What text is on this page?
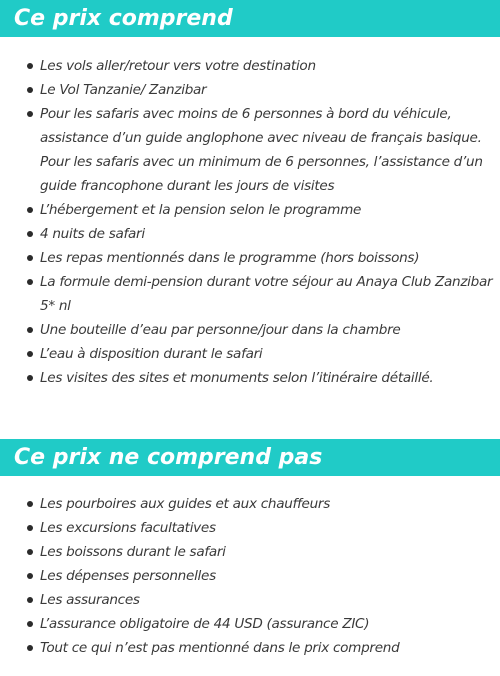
Ce prix comprend
Les vols aller/retour vers votre destination
Le Vol Tanzanie/ Zanzibar
Pour les safaris avec moins de 6 personnes à bord du véhicule, assistance d’un guide anglophone avec niveau de français basique. Pour les safaris avec un minimum de 6 personnes, l’assistance d’un guide francophone durant les jours de visites
L’hébergement et la pension selon le programme
4 nuits de safari
Les repas mentionnés dans le programme (hors boissons)
La formule demi-pension durant votre séjour au Anaya Club Zanzibar 5* nl
Une bouteille d’eau par personne/jour dans la chambre
L’eau à disposition durant le safari
Les visites des sites et monuments selon l’itinéraire détaillé.
Ce prix ne comprend pas
Les pourboires aux guides et aux chauffeurs
Les excursions facultatives
Les boissons durant le safari
Les dépenses personnelles
Les assurances
L’assurance obligatoire de 44 USD (assurance ZIC)
Tout ce qui n’est pas mentionné dans le prix comprend
